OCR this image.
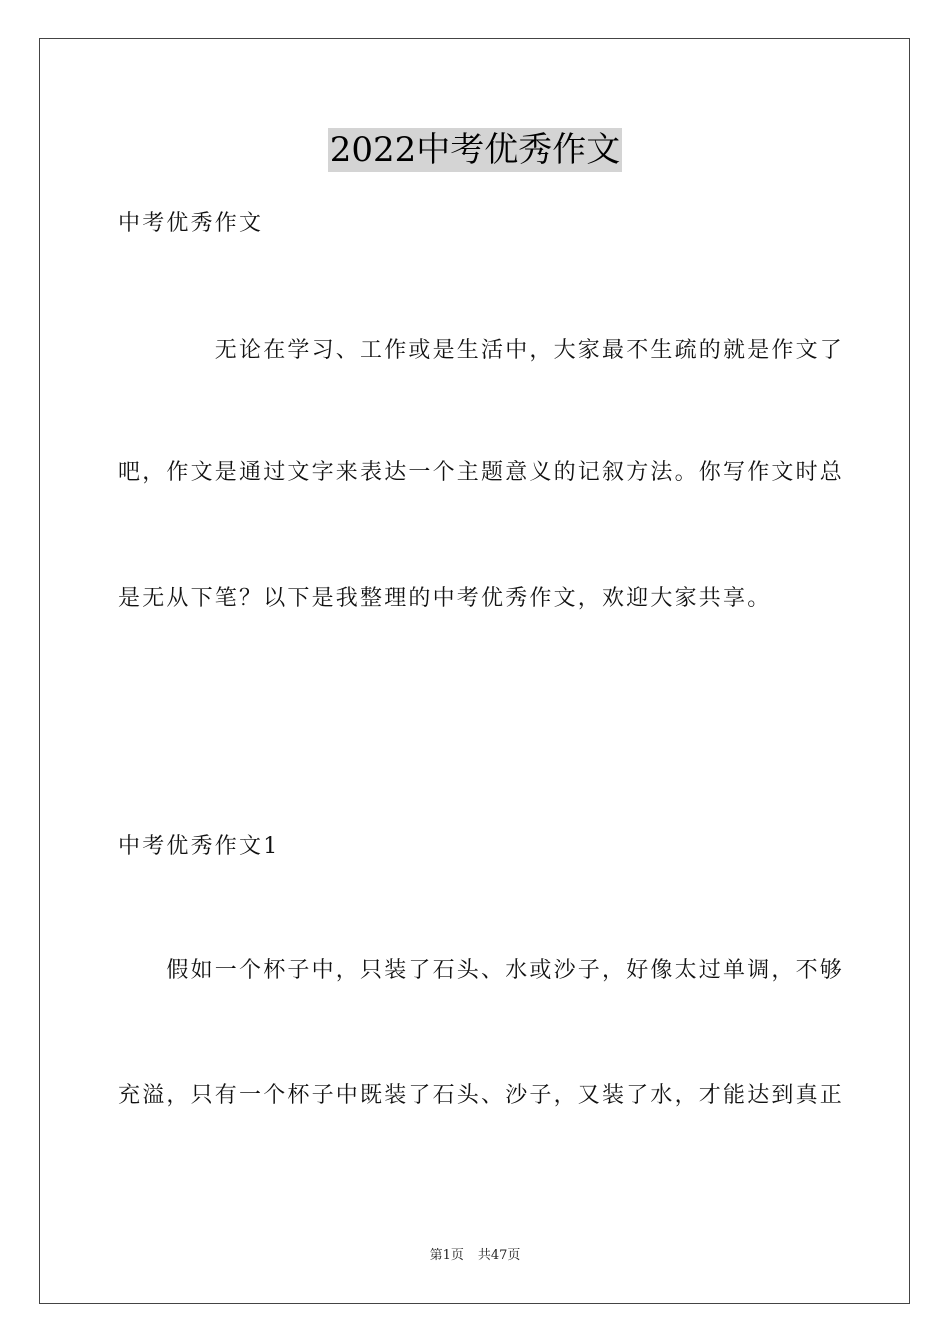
2022中考优秀作文
中考优秀作文
　　　　无论在学习、工作或是生活中，大家最不生疏的就是作文了
吧，作文是通过文字来表达一个主题意义的记叙方法。你写作文时总
是无从下笔？以下是我整理的中考优秀作文，欢迎大家共享。
中考优秀作文1
　　假如一个杯子中，只装了石头、水或沙子，好像太过单调，不够
充溢，只有一个杯子中既装了石头、沙子，又装了水，才能达到真正
第1页 共47页
